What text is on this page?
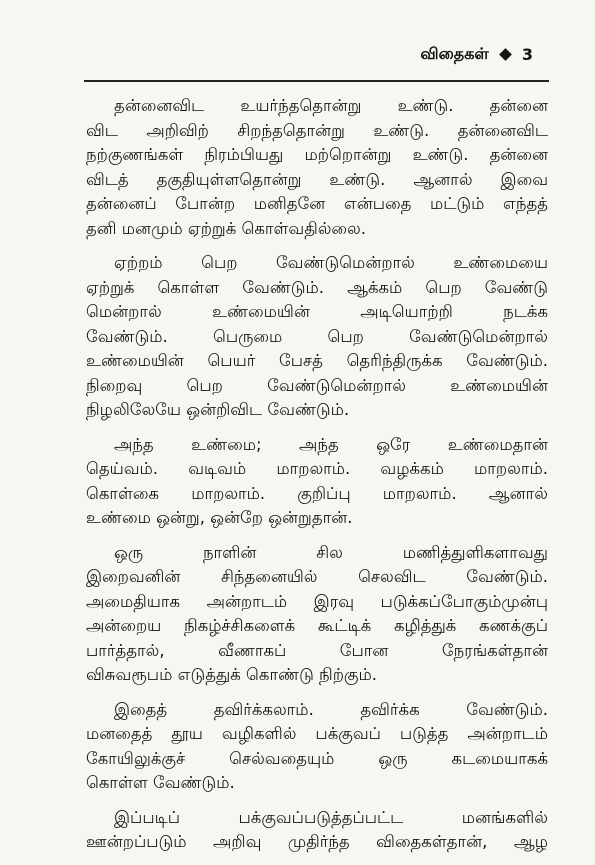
விதைகள் 3
தன்னைவிட உயர்ந்ததொன்று உண்டு. தன்னை
விட அறிவிற் சிறந்ததொன்று உண்டு. தன்னைவிட
நற்குணங்கள் நிரம்பியது மற்றொன்று உண்டு. தன்னை
விடத் தகுதியுள்ளதொன்று உண்டு. ஆனால் இவை
தன்னைப் போன்ற மனிதனே என்பதை மட்டும் எந்தத்
தனி மனமும் ஏற்றுக் கொள்வதில்லை.
ஏற்றம் பெற வேண்டுமென்றால் உண்மையை
ஏற்றுக் கொள்ள வேண்டும். ஆக்கம் பெற வேண்டு
மென்றால் உண்மையின் அடியொற்றி நடக்க
வேண்டும். பெருமை பெற வேண்டுமென்றால்
உண்மையின் பெயர் பேசத் தெரிந்திருக்க வேண்டும்.
நிறைவு பெற வேண்டுமென்றால் உண்மையின்
நிழலிலேயே ஒன்றிவிட வேண்டும்.
அந்த உண்மை; அந்த ஒரே உண்மைதான்
தெய்வம். வடிவம் மாறலாம். வழக்கம் மாறலாம்.
கொள்கை மாறலாம். குறிப்பு மாறலாம். ஆனால்
உண்மை ஒன்று, ஒன்றே ஒன்றுதான்.
ஒரு நாளின் சில மணித்துளிகளாவது
இறைவனின் சிந்தனையில் செலவிட வேண்டும்.
அமைதியாக அன்றாடம் இரவு படுக்கப்போகும்முன்பு
அன்றைய நிகழ்ச்சிகளைக் கூட்டிக் கழித்துக் கணக்குப்
பார்த்தால், வீணாகப் போன நேரங்கள்தான்
விசுவரூபம் எடுத்துக் கொண்டு நிற்கும்.
இதைத் தவிர்க்கலாம். தவிர்க்க வேண்டும்.
மனதைத் தூய வழிகளில் பக்குவப் படுத்த அன்றாடம்
கோயிலுக்குச் செல்வதையும் ஒரு கடமையாகக்
கொள்ள வேண்டும்.
இப்படிப் பக்குவப்படுத்தப்பட்ட மனங்களில்
ஊன்றப்படும் அறிவு முதிர்ந்த விதைகள்தான், ஆழ
